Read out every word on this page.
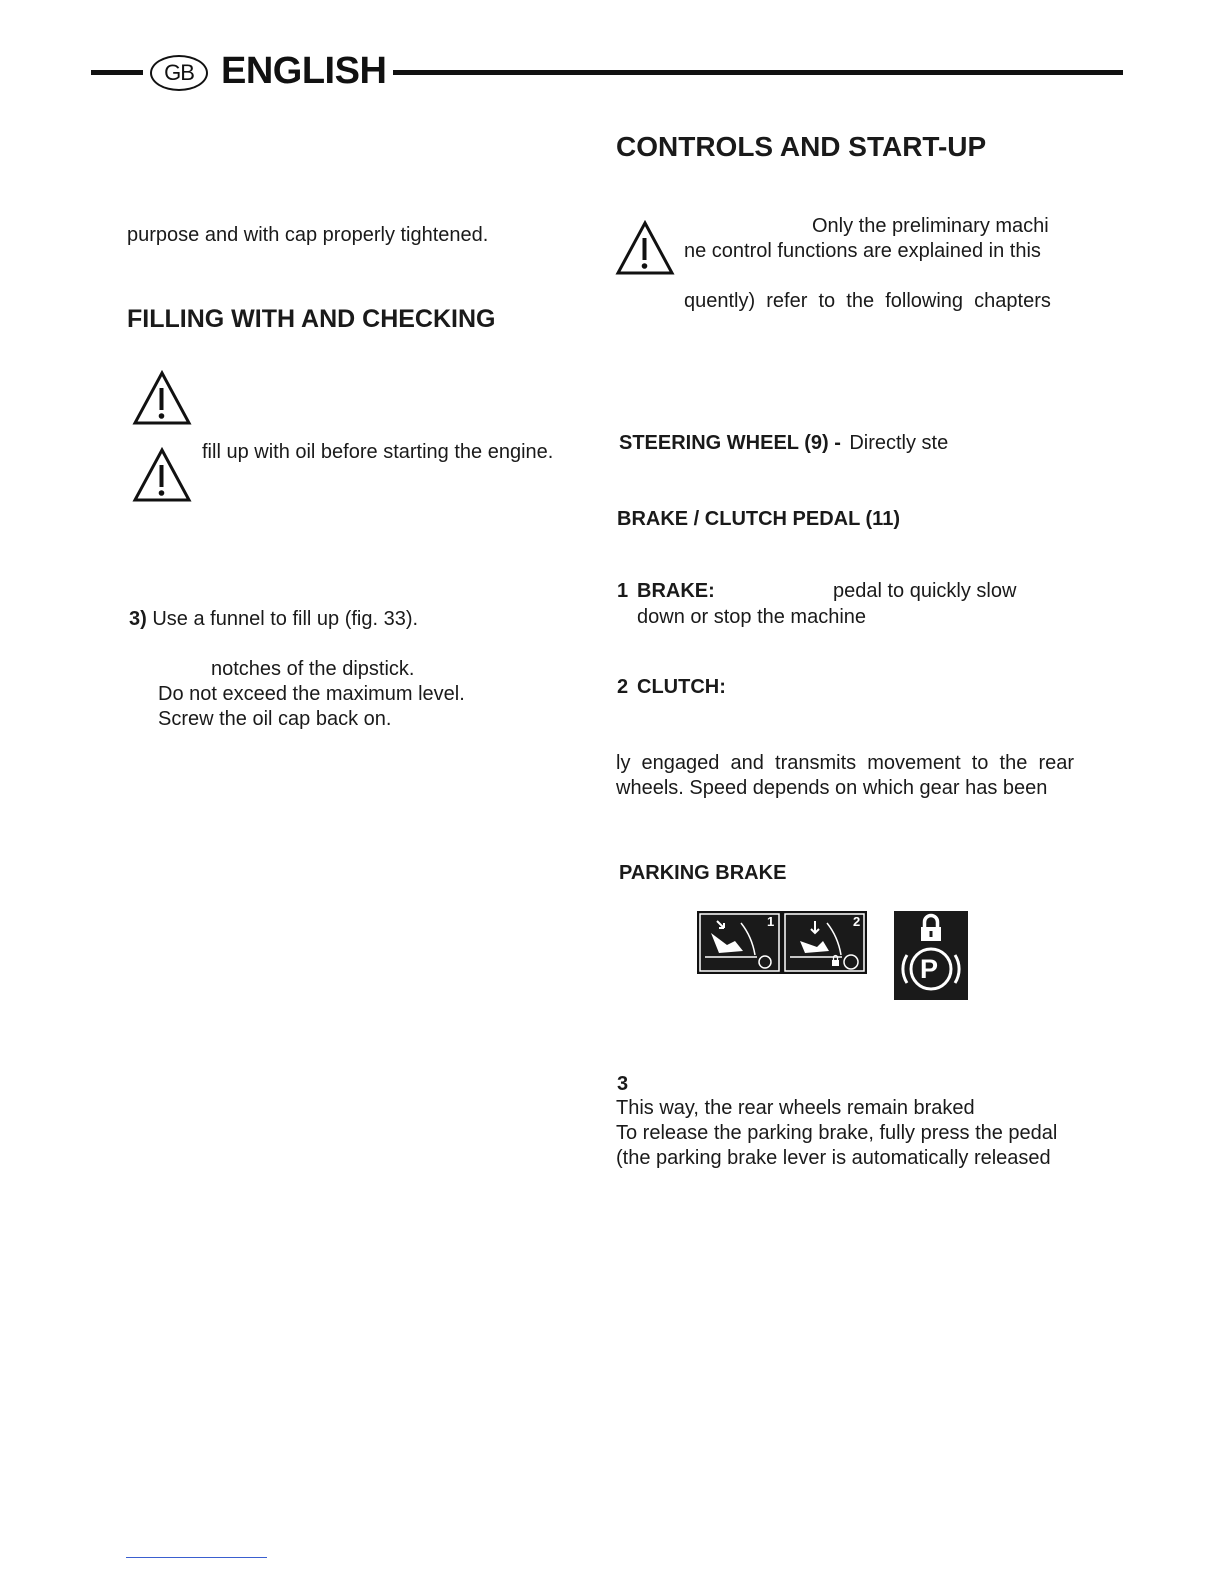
GB ENGLISH
purpose and with cap properly tightened.
FILLING WITH AND CHECKING
fill up with oil before starting the engine.
3) Use a funnel to fill up (fig. 33).
notches of the dipstick.
Do not exceed the maximum level.
Screw the oil cap back on.
CONTROLS AND START-UP
Only the preliminary machi
ne control functions are explained in this
quently)  refer  to  the  following  chapters
STEERING WHEEL (9) - Directly ste
BRAKE / CLUTCH PEDAL (11)
1 BRAKE:	pedal to quickly slow
down or stop the machine
2 CLUTCH:
ly  engaged  and  transmits  movement  to  the  rear
wheels. Speed depends on which gear has been
PARKING BRAKE
1	2
P
3
This way, the rear wheels remain braked
To release the parking brake, fully press the pedal
(the parking brake lever is automatically released
